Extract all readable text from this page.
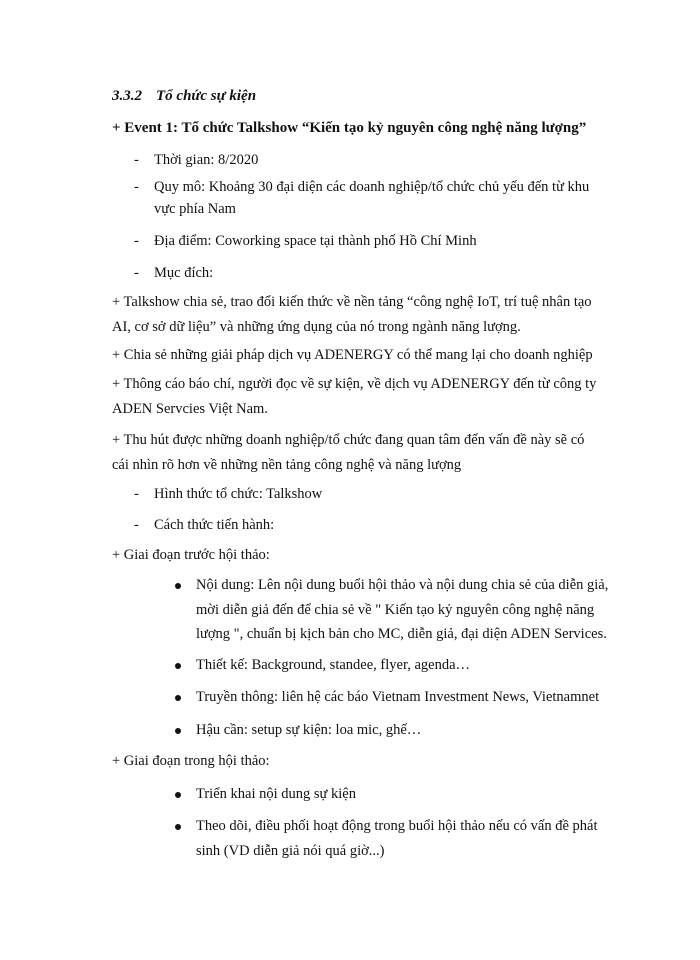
3.3.2 Tổ chức sự kiện
+ Event 1: Tổ chức Talkshow “Kiến tạo kỷ nguyên công nghệ năng lượng”
- Thời gian: 8/2020
- Quy mô: Khoảng 30 đại diện các doanh nghiệp/tổ chức chủ yếu đến từ khu
vực phía Nam
- Địa điểm: Coworking space tại thành phố Hồ Chí Minh
- Mục đích:
+ Talkshow chia sẻ, trao đổi kiến thức về nền tảng “công nghệ IoT, trí tuệ nhân tạo
AI, cơ sở dữ liệu” và những ứng dụng của nó trong ngành năng lượng.
+ Chia sẻ những giải pháp dịch vụ ADENERGY có thể mang lại cho doanh nghiệp
+ Thông cáo báo chí, người đọc về sự kiện, về dịch vụ ADENERGY đến từ công ty
ADEN Servcies Việt Nam.
+ Thu hút được những doanh nghiệp/tổ chức đang quan tâm đến vấn đề này sẽ có
cái nhìn rõ hơn về những nền tảng công nghệ và năng lượng
- Hình thức tổ chức: Talkshow
- Cách thức tiến hành:
+ Giai đoạn trước hội thảo:
Nội dung: Lên nội dung buổi hội thảo và nội dung chia sẻ của diễn giả,
mời diễn giả đến để chia sẻ về " Kiến tạo kỷ nguyên công nghệ năng
lượng ", chuẩn bị kịch bản cho MC, diễn giả, đại diện ADEN Services.
Thiết kế: Background, standee, flyer, agenda…
Truyền thông: liên hệ các báo Vietnam Investment News, Vietnamnet
Hậu cần: setup sự kiện: loa mic, ghế…
+ Giai đoạn trong hội thảo:
Triển khai nội dung sự kiện
Theo dõi, điều phối hoạt động trong buổi hội thảo nếu có vấn đề phát
sinh (VD diễn giả nói quá giờ...)
